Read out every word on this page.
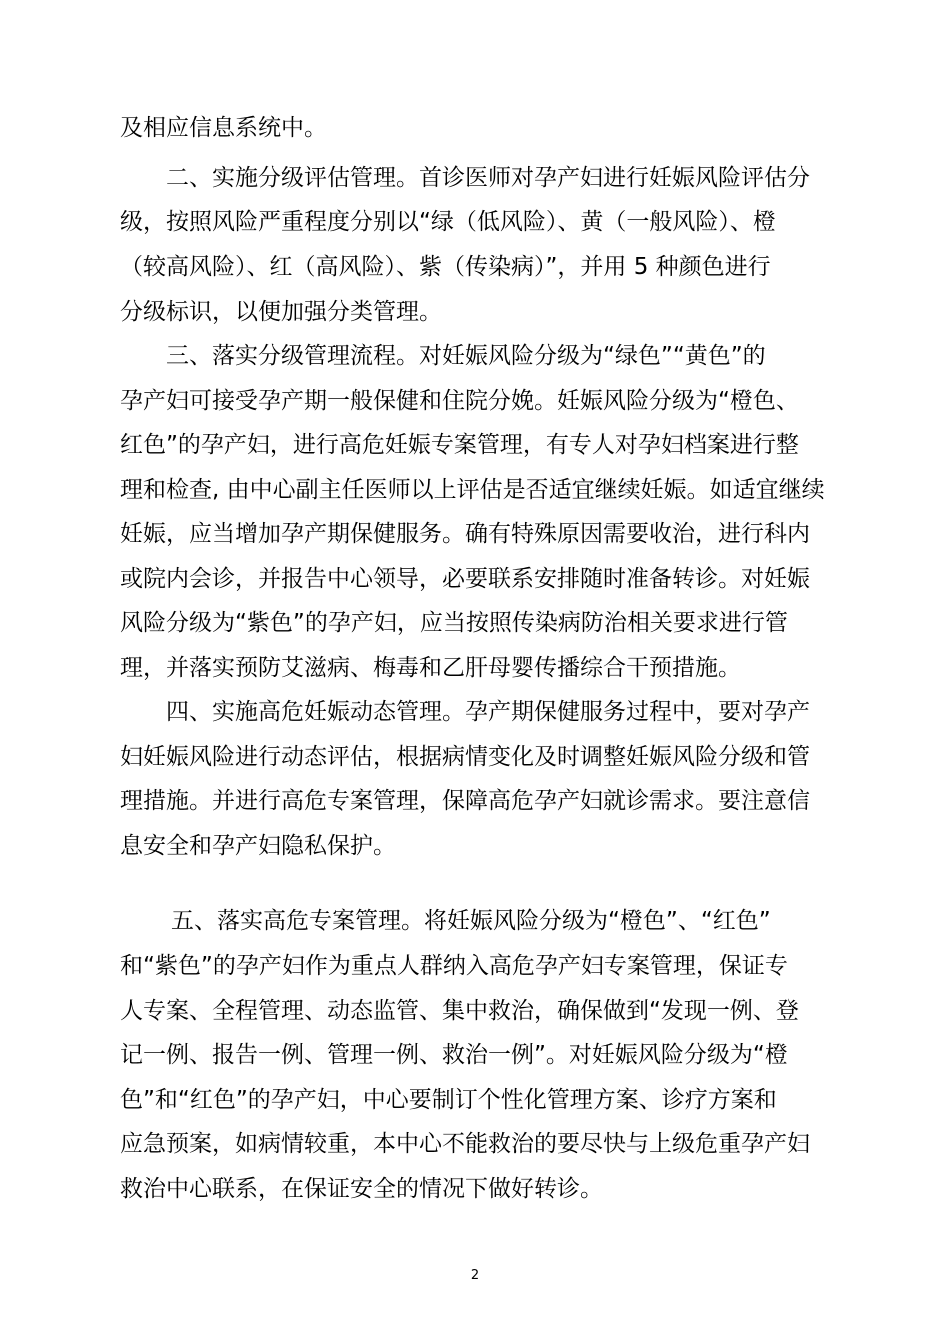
及相应信息系统中。
二、实施分级评估管理。首诊医师对孕产妇进行妊娠风险评估分
级，按照风险严重程度分别以“绿（低风险）、黄（一般风险）、橙
（较高风险）、红（高风险）、紫（传染病）”，并用 5 种颜色进行
分级标识，以便加强分类管理。
三、落实分级管理流程。对妊娠风险分级为“绿色”“黄色”的
孕产妇可接受孕产期一般保健和住院分娩。妊娠风险分级为“橙色、
红色”的孕产妇，进行高危妊娠专案管理，有专人对孕妇档案进行整
理和检查, 由中心副主任医师以上评估是否适宜继续妊娠。如适宜继续
妊娠，应当增加孕产期保健服务。确有特殊原因需要收治，进行科内
或院内会诊，并报告中心领导，必要联系安排随时准备转诊。对妊娠
风险分级为“紫色”的孕产妇，应当按照传染病防治相关要求进行管
理，并落实预防艾滋病、梅毒和乙肝母婴传播综合干预措施。
四、实施高危妊娠动态管理。孕产期保健服务过程中，要对孕产
妇妊娠风险进行动态评估，根据病情变化及时调整妊娠风险分级和管
理措施。并进行高危专案管理，保障高危孕产妇就诊需求。要注意信
息安全和孕产妇隐私保护。
五、落实高危专案管理。将妊娠风险分级为“橙色”、“红色”
和“紫色”的孕产妇作为重点人群纳入高危孕产妇专案管理，保证专
人专案、全程管理、动态监管、集中救治，确保做到“发现一例、登
记一例、报告一例、管理一例、救治一例”。对妊娠风险分级为“橙
色”和“红色”的孕产妇，中心要制订个性化管理方案、诊疗方案和
应急预案，如病情较重，本中心不能救治的要尽快与上级危重孕产妇
救治中心联系，在保证安全的情况下做好转诊。
2
